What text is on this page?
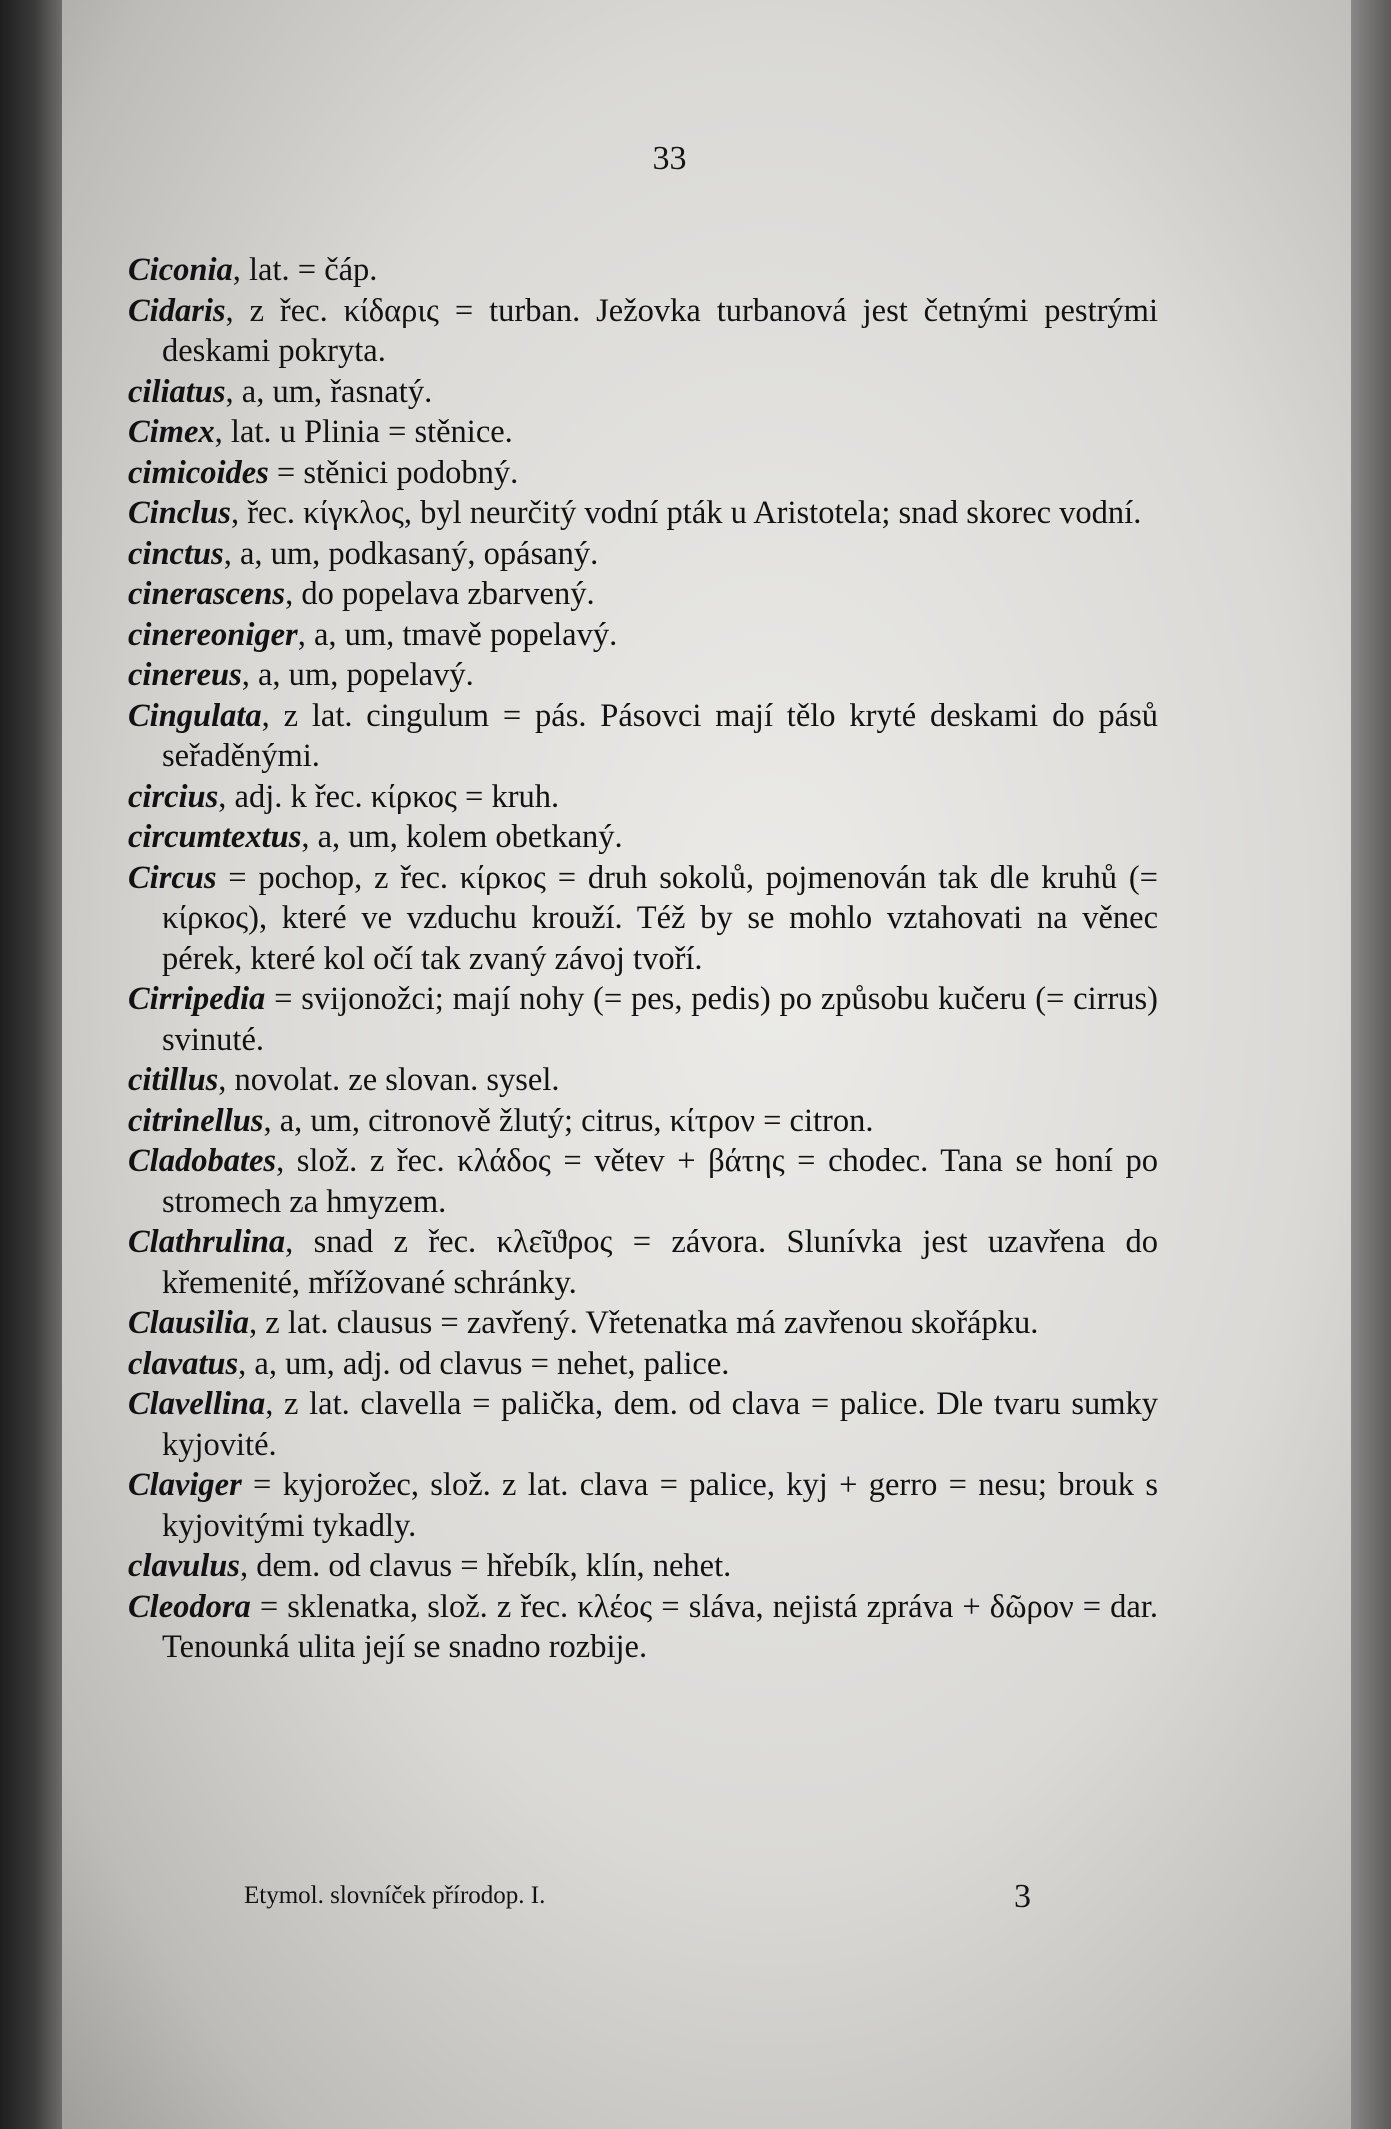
33
Ciconia, lat. = čáp.
Cidaris, z řec. κίδαρις = turban. Ježovka turbanová jest četnými pestrými deskami pokryta.
ciliatus, a, um, řasnatý.
Cimex, lat. u Plinia = stěnice.
cimicoides = stěnici podobný.
Cinclus, řec. κίγκλος, byl neurčitý vodní pták u Aristotela; snad skorec vodní.
cinctus, a, um, podkasaný, opásaný.
cinerascens, do popelava zbarvený.
cinereoniger, a, um, tmavě popelavý.
cinereus, a, um, popelavý.
Cingulata, z lat. cingulum = pás. Pásovci mají tělo kryté deskami do pásů seřaděnými.
circius, adj. k řec. κίρκος = kruh.
circumtextus, a, um, kolem obetkaný.
Circus = pochop, z řec. κίρκος = druh sokolů, pojmenován tak dle kruhů (= κίρκος), které ve vzduchu krouží. Též by se mohlo vztahovati na věnec pérek, které kol očí tak zvaný závoj tvoří.
Cirripedia = svijonožci; mají nohy (= pes, pedis) po způsobu kučeru (= cirrus) svinuté.
citillus, novolat. ze slovan. sysel.
citrinellus, a, um, citronově žlutý; citrus, κίτρον = citron.
Cladobates, slož. z řec. κλάδος = větev + βάτης = chodec. Tana se honí po stromech za hmyzem.
Clathrulina, snad z řec. κλεῖϑρος = závora. Slunívka jest uzavřena do křemenité, mřížované schránky.
Clausilia, z lat. clausus = zavřený. Vřetenatka má zavřenou skořápku.
clavatus, a, um, adj. od clavus = nehet, palice.
Clavellina, z lat. clavella = palička, dem. od clava = palice. Dle tvaru sumky kyjovité.
Claviger = kyjorožec, slož. z lat. clava = palice, kyj + gerro = nesu; brouk s kyjovitými tykadly.
clavulus, dem. od clavus = hřebík, klín, nehet.
Cleodora = sklenatka, slož. z řec. κλέος = sláva, nejistá zpráva + δῶρον = dar. Tenounká ulita její se snadno rozbije.
Etymol. slovníček přírodop. I.	3
